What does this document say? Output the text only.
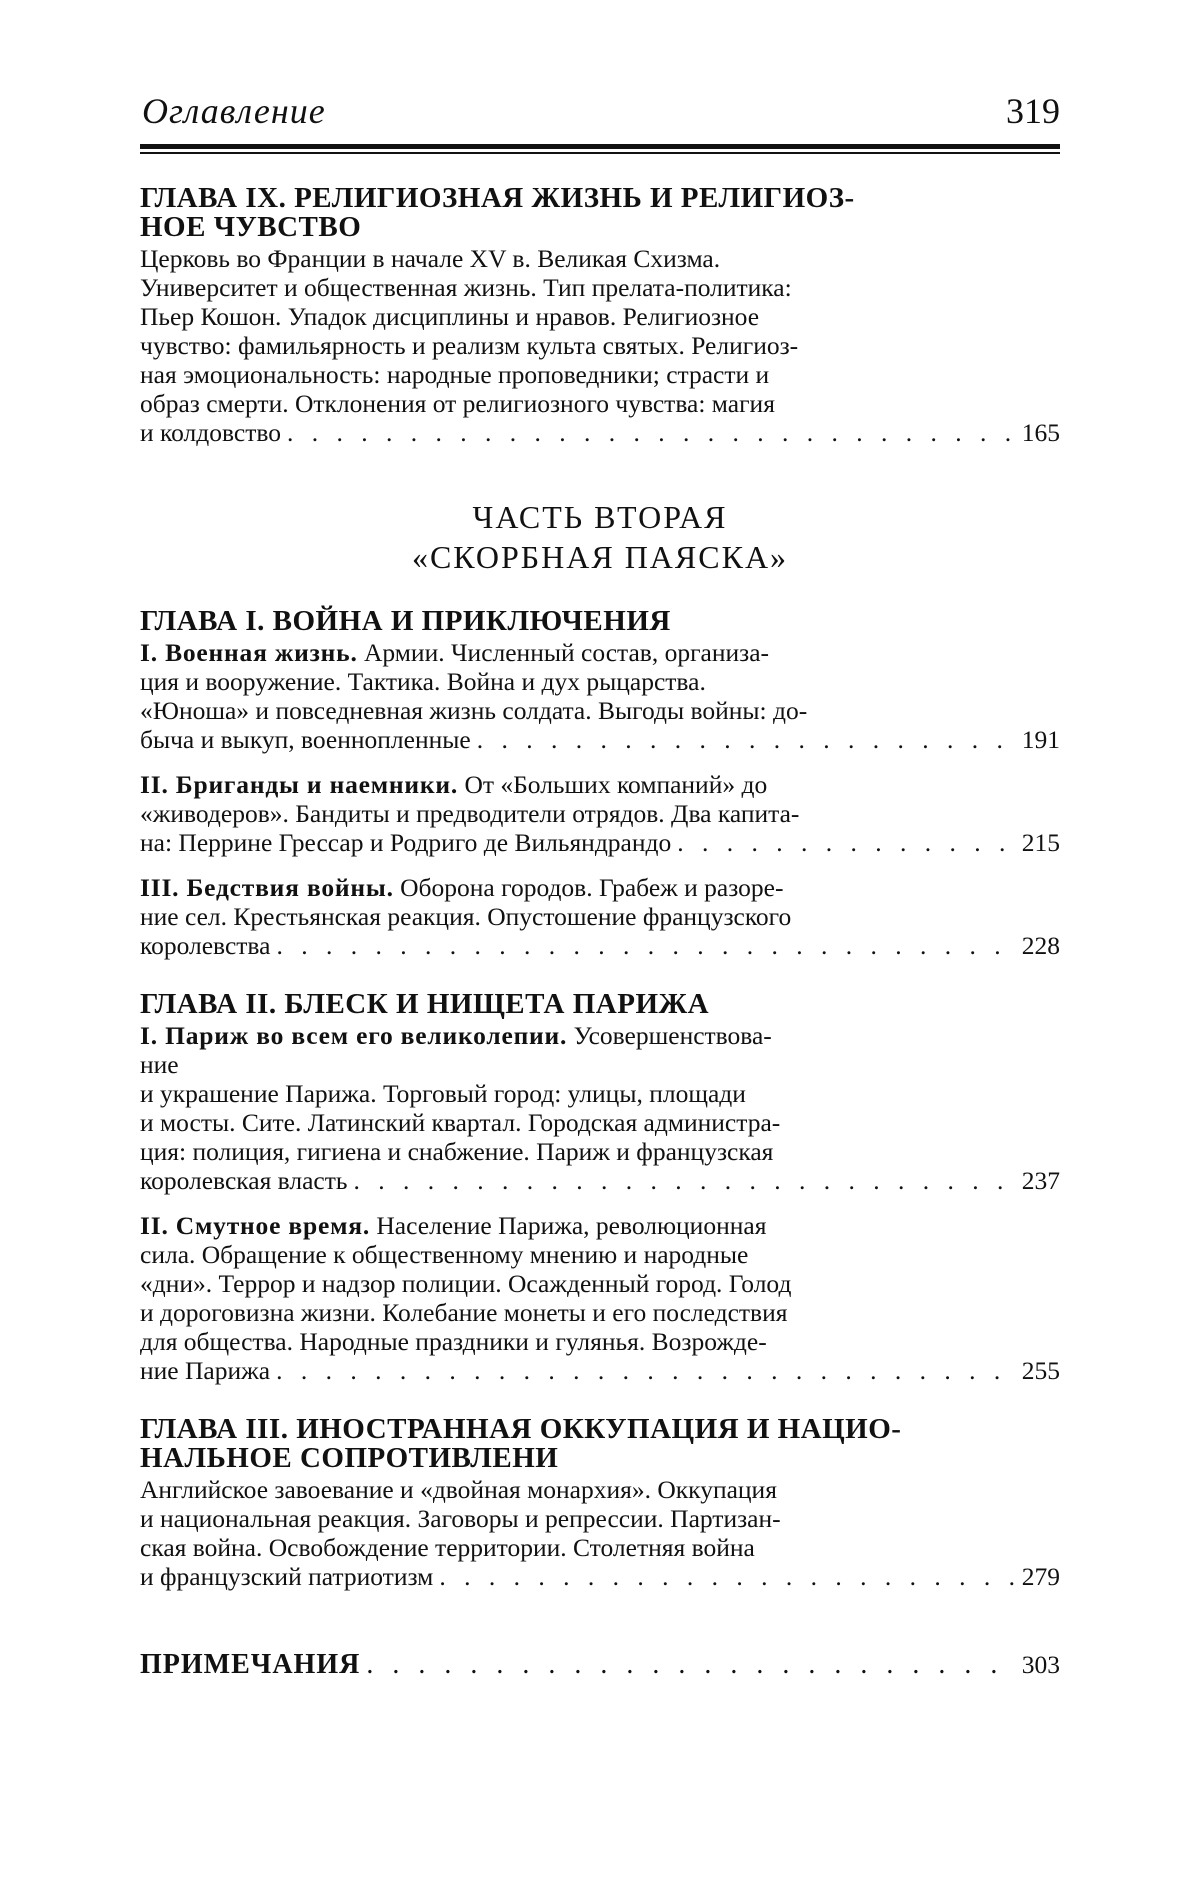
Оглавление	319
ГЛАВА IX. РЕЛИГИОЗНАЯ ЖИЗНЬ И РЕЛИГИОЗ-
НОЕ ЧУВСТВО
Церковь во Франции в начале XV в. Великая Схизма.
Университет и общественная жизнь. Тип прелата-политика:
Пьер Кошон. Упадок дисциплины и нравов. Религиозное
чувство: фамильярность и реализм культа святых. Религиоз-
ная эмоциональность: народные проповедники; страсти и
образ смерти. Отклонения от религиозного чувства: магия
и колдовство . . .	165
ЧАСТЬ ВТОРАЯ
«СКОРБНАЯ ПАЯСКА»
ГЛАВА I. ВОЙНА И ПРИКЛЮЧЕНИЯ
I. Военная жизнь. Армии. Численный состав, организа-
ция и вооружение. Тактика. Война и дух рыцарства.
«Юноша» и повседневная жизнь солдата. Выгоды войны: до-
быча и выкуп, военнопленные . . .	191
II. Бриганды и наемники. От «Больших компаний» до
«живодеров». Бандиты и предводители отрядов. Два капита-
на: Перрине Грессар и Родриго де Вильяндрандо . . .	215
III. Бедствия войны. Оборона городов. Грабеж и разоре-
ние сел. Крестьянская реакция. Опустошение французского
королевства . . .	228
ГЛАВА II. БЛЕСК И НИЩЕТА ПАРИЖА
I. Париж во всем его великолепии. Усовершенствова-
ние
и украшение Парижа. Торговый город: улицы, площади
и мосты. Сите. Латинский квартал. Городская администра-
ция: полиция, гигиена и снабжение. Париж и французская
королевская власть . . .	237
II. Смутное время. Население Парижа, революционная
сила. Обращение к общественному мнению и народные
«дни». Террор и надзор полиции. Осажденный город. Голод
и дороговизна жизни. Колебание монеты и его последствия
для общества. Народные праздники и гулянья. Возрожде-
ние Парижа . . .	255
ГЛАВА III. ИНОСТРАННАЯ ОККУПАЦИЯ И НАЦИО-
НАЛЬНОЕ СОПРОТИВЛЕНИ
Английское завоевание и «двойная монархия». Оккупация
и национальная реакция. Заговоры и репрессии. Партизан-
ская война. Освобождение территории. Столетняя война
и французский патриотизм . . .	279
ПРИМЕЧАНИЯ . . .	303
